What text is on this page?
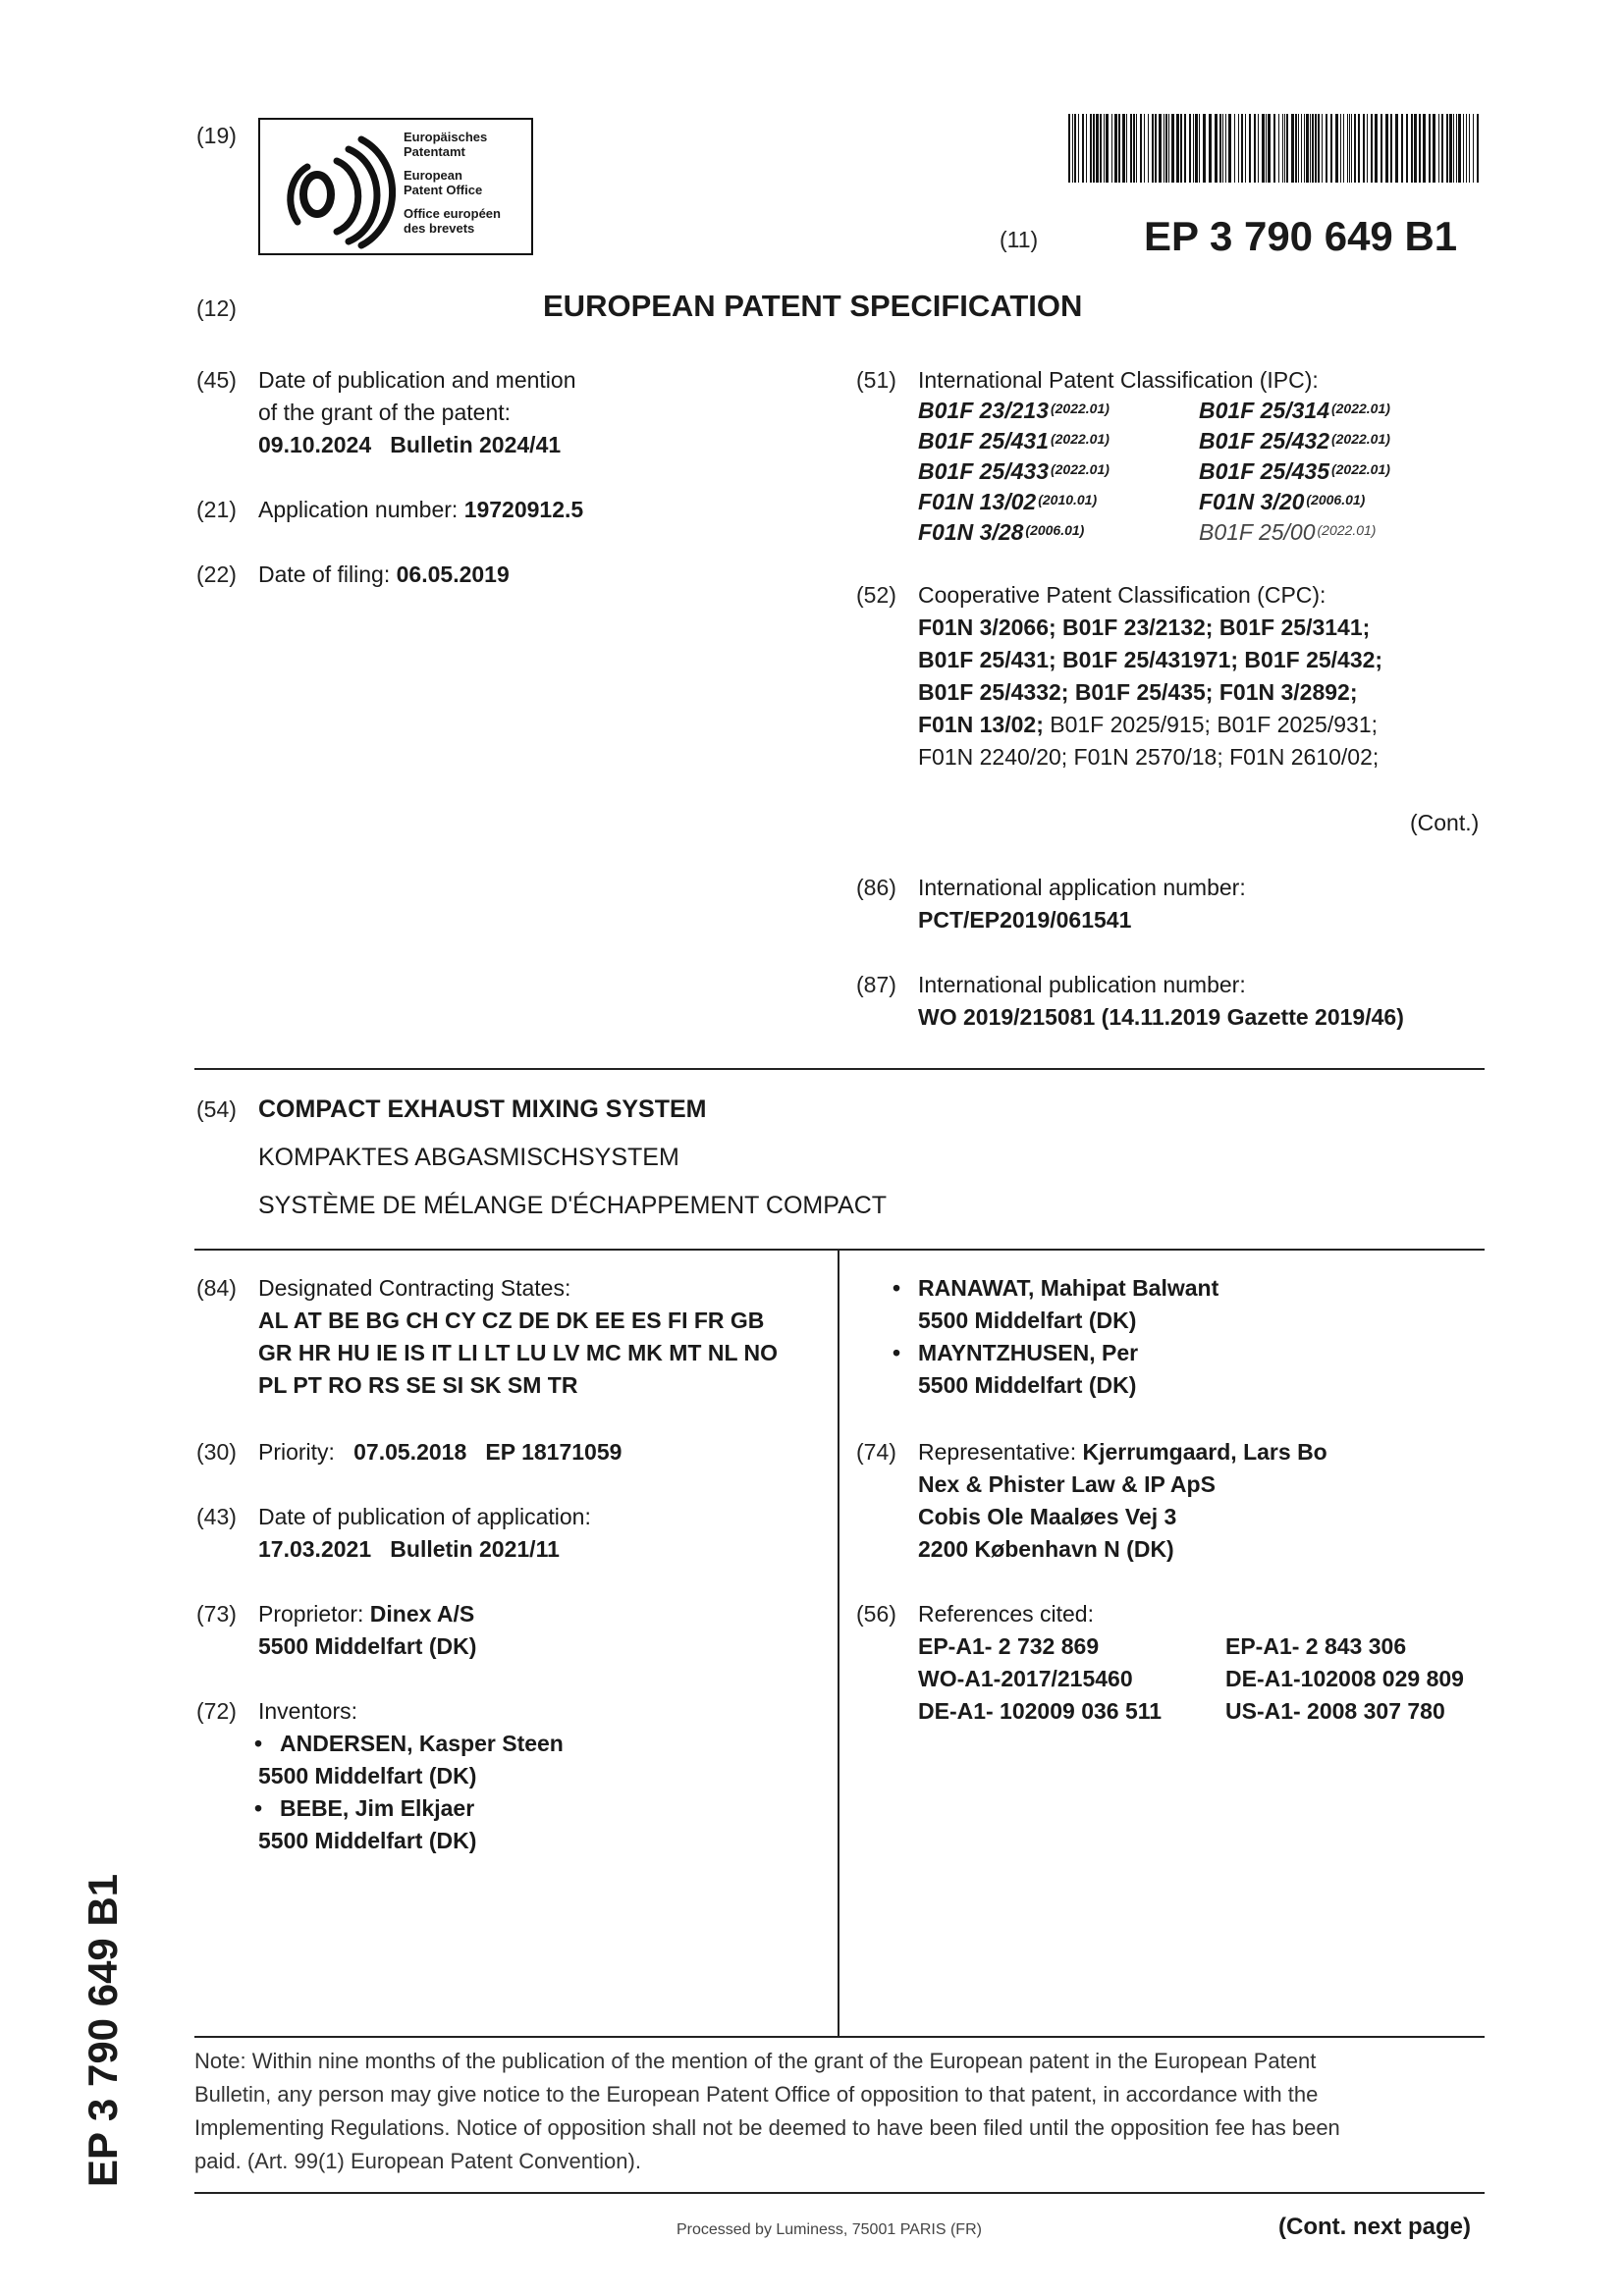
(19)	Europäisches
Patentamt
European
Patent Office
Office européen
des brevets	(11)	EP 3 790 649 B1
(12)	EUROPEAN PATENT SPECIFICATION
(45) Date of publication and mention
of the grant of the patent:
09.10.2024 Bulletin 2024/41
(21) Application number: 19720912.5
(22) Date of filing: 06.05.2019
(51) International Patent Classification (IPC):
B01F 23/213 $^{(2022.01)}$	B01F 25/314 $^{(2022.01)}$
B01F 25/431 $^{(2022.01)}$	B01F 25/432 $^{(2022.01)}$
B01F 25/433 $^{(2022.01)}$	B01F 25/435 $^{(2022.01)}$
F01N 13/02 $^{(2010.01)}$	F01N 3/20 $^{(2006.01)}$
F01N 3/28 $^{(2006.01)}$	B01F 25/00 $^{(2022.01)}$
(52) Cooperative Patent Classification (CPC):
F01N 3/2066; B01F 23/2132; B01F 25/3141;
B01F 25/431; B01F 25/431971; B01F 25/432;
B01F 25/4332; B01F 25/435; F01N 3/2892;
F01N 13/02; B01F 2025/915; B01F 2025/931;
F01N 2240/20; F01N 2570/18; F01N 2610/02;
(Cont.)
(86) International application number:
PCT/EP2019/061541
(87) International publication number:
WO 2019/215081 (14.11.2019 Gazette 2019/46)
(54) COMPACT EXHAUST MIXING SYSTEM
KOMPAKTES ABGASMISCHSYSTEM
SYSTÈME DE MÉLANGE D'ÉCHAPPEMENT COMPACT
(84) Designated Contracting States:
AL AT BE BG CH CY CZ DE DK EE ES FI FR GB
GR HR HU IE IS IT LI LT LU LV MC MK MT NL NO
PL PT RO RS SE SI SK SM TR
(30) Priority: 07.05.2018 EP 18171059
(43) Date of publication of application:
17.03.2021 Bulletin 2021/11
(73) Proprietor: Dinex A/S
5500 Middelfart (DK)
(72) Inventors:
• ANDERSEN, Kasper Steen
5500 Middelfart (DK)
• BEBE, Jim Elkjaer
5500 Middelfart (DK)
• RANAWAT, Mahipat Balwant
5500 Middelfart (DK)
• MAYNTZHUSEN, Per
5500 Middelfart (DK)
(74) Representative: Kjerrumgaard, Lars Bo
Nex & Phister Law & IP ApS
Cobis Ole Maaløes Vej 3
2200 København N (DK)
(56) References cited:
EP-A1- 2 732 869	EP-A1- 2 843 306
WO-A1-2017/215460	DE-A1-102008 029 809
DE-A1- 102009 036 511	US-A1- 2008 307 780
Note: Within nine months of the publication of the mention of the grant of the European patent in the European Patent
Bulletin, any person may give notice to the European Patent Office of opposition to that patent, in accordance with the
Implementing Regulations. Notice of opposition shall not be deemed to have been filed until the opposition fee has been
paid. (Art. 99(1) European Patent Convention).
Processed by Luminess, 75001 PARIS (FR)	(Cont. next page)
EP 3 790 649 B1
